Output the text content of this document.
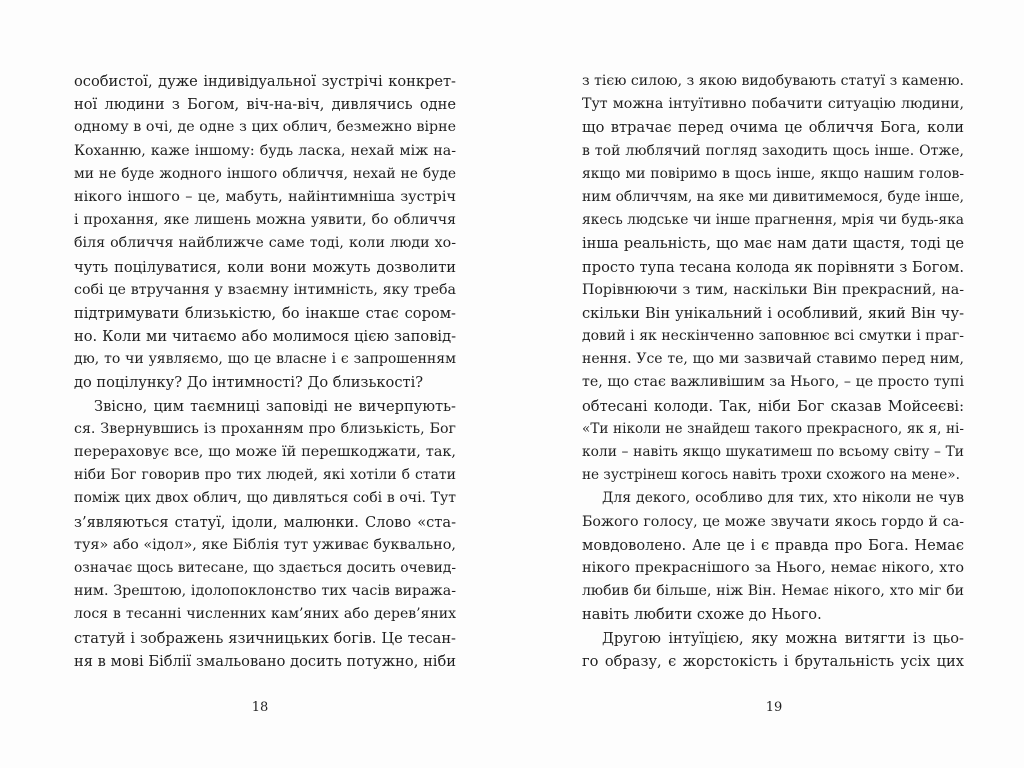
особистої, дуже індивідуальної зустрічі конкрет-
ної людини з Богом, віч-на-віч, дивлячись одне
одному в очі, де одне з цих облич, безмежно вірне
Коханню, каже іншому: будь ласка, нехай між на-
ми не буде жодного іншого обличчя, нехай не буде
нікого іншого – це, мабуть, найінтимніша зустріч
і прохання, яке лишень можна уявити, бо обличчя
біля обличчя найближче саме тоді, коли люди хо-
чуть поцілуватися, коли вони можуть дозволити
собі це втручання у взаємну інтимність, яку треба
підтримувати близькістю, бо інакше стає сором-
но. Коли ми читаємо або молимося цією заповід-
дю, то чи уявляємо, що це власне і є запрошенням
до поцілунку? До інтимності? До близькості?
Звісно, цим таємниці заповіді не вичерпують-
ся. Звернувшись із проханням про близькість, Бог
перераховує все, що може їй перешкоджати, так,
ніби Бог говорив про тих людей, які хотіли б стати
поміж цих двох облич, що дивляться собі в очі. Тут
з’являються статуї, ідоли, малюнки. Слово «ста-
туя» або «ідол», яке Біблія тут уживає буквально,
означає щось витесане, що здається досить очевид-
ним. Зрештою, ідолопоклонство тих часів виража-
лося в тесанні численних кам’яних або дерев’яних
статуй і зображень язичницьких богів. Це тесан-
ня в мові Біблії змальовано досить потужно, ніби
18
з тією силою, з якою видобувають статуї з каменю.
Тут можна інтуїтивно побачити ситуацію людини,
що втрачає перед очима це обличчя Бога, коли
в той люблячий погляд заходить щось інше. Отже,
якщо ми повіримо в щось інше, якщо нашим голов-
ним обличчям, на яке ми дивитимемося, буде інше,
якесь людське чи інше прагнення, мрія чи будь-яка
інша реальність, що має нам дати щастя, тоді це
просто тупа тесана колода як порівняти з Богом.
Порівнюючи з тим, наскільки Він прекрасний, на-
скільки Він унікальний і особливий, який Він чу-
довий і як нескінченно заповнює всі смутки і праг-
нення. Усе те, що ми зазвичай ставимо перед ним,
те, що стає важливішим за Нього, – це просто тупі
обтесані колоди. Так, ніби Бог сказав Мойсеєві:
«Ти ніколи не знайдеш такого прекрасного, як я, ні-
коли – навіть якщо шукатимеш по всьому світу – Ти
не зустрінеш когось навіть трохи схожого на мене».
Для декого, особливо для тих, хто ніколи не чув
Божого голосу, це може звучати якось гордо й са-
мовдоволено. Але це і є правда про Бога. Немає
нікого прекраснішого за Нього, немає нікого, хто
любив би більше, ніж Він. Немає нікого, хто міг би
навіть любити схоже до Нього.
Другою інтуїцією, яку можна витягти із цьо-
го образу, є жорстокість і брутальність усіх цих
19
